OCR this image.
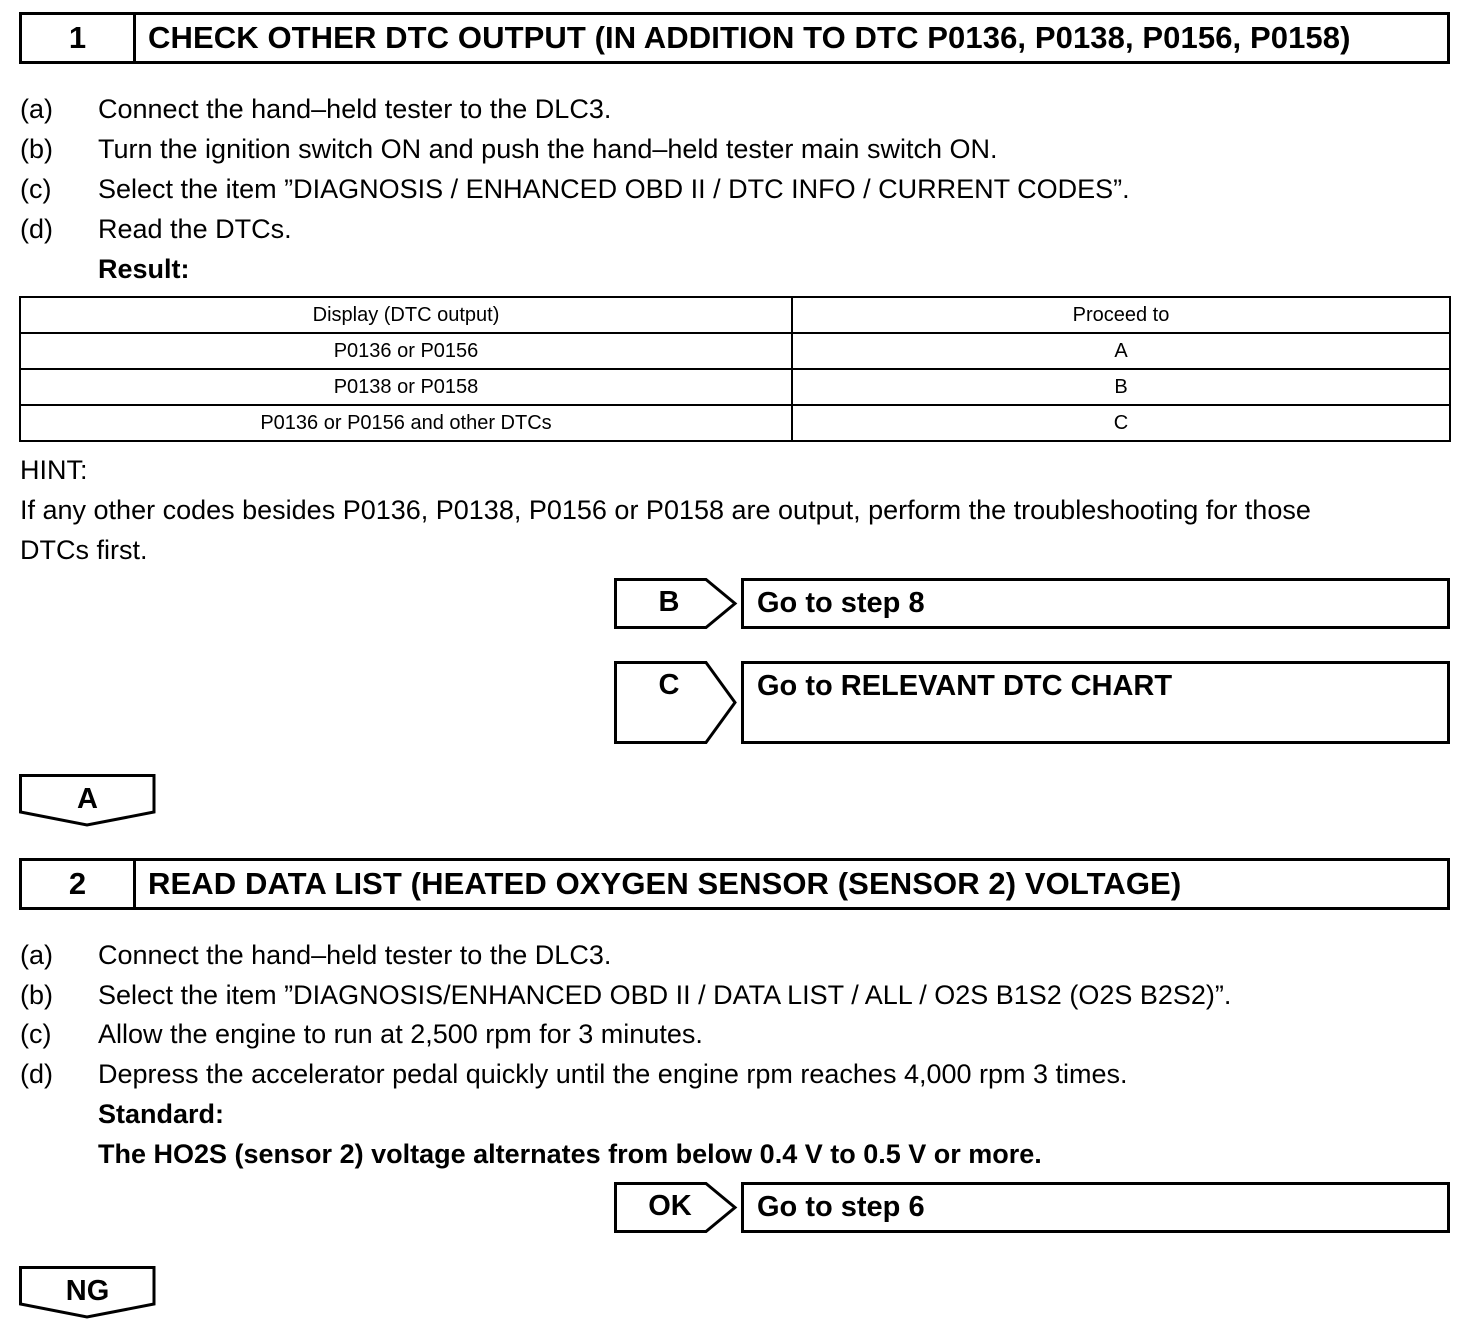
1	CHECK OTHER DTC OUTPUT (IN ADDITION TO DTC P0136, P0138, P0156, P0158)
(a) Connect the hand–held tester to the DLC3.
(b) Turn the ignition switch ON and push the hand–held tester main switch ON.
(c) Select the item ”DIAGNOSIS / ENHANCED OBD II / DTC INFO / CURRENT CODES”.
(d) Read the DTCs.
Result:
Display (DTC output)	Proceed to
P0136 or P0156	A
P0138 or P0158	B
P0136 or P0156 and other DTCs	C
HINT:
If any other codes besides P0136, P0138, P0156 or P0158 are output, perform the troubleshooting for those
DTCs first.
B	Go to step 8
C	Go to RELEVANT DTC CHART
A
2	READ DATA LIST (HEATED OXYGEN SENSOR (SENSOR 2) VOLTAGE)
(a) Connect the hand–held tester to the DLC3.
(b) Select the item ”DIAGNOSIS/ENHANCED OBD II / DATA LIST / ALL / O2S B1S2 (O2S B2S2)”.
(c) Allow the engine to run at 2,500 rpm for 3 minutes.
(d) Depress the accelerator pedal quickly until the engine rpm reaches 4,000 rpm 3 times.
Standard:
The HO2S (sensor 2) voltage alternates from below 0.4 V to 0.5 V or more.
OK	Go to step 6
NG
